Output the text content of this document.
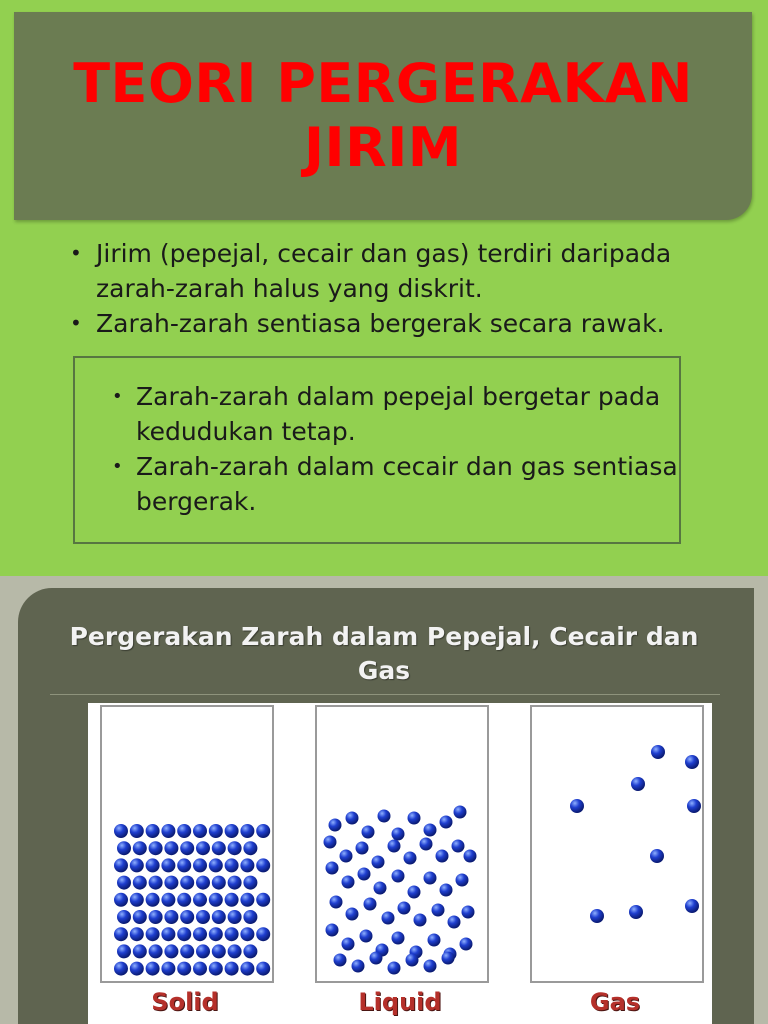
TEORI PERGERAKAN
JIRIM
• Jirim (pepejal, cecair dan gas) terdiri daripada zarah-zarah halus yang diskrit.
• Zarah-zarah sentiasa bergerak secara rawak.
• Zarah-zarah dalam pepejal bergetar pada kedudukan tetap.
• Zarah-zarah dalam cecair dan gas sentiasa bergerak.
Pergerakan Zarah dalam Pepejal, Cecair dan Gas
Solid	Liquid	Gas
